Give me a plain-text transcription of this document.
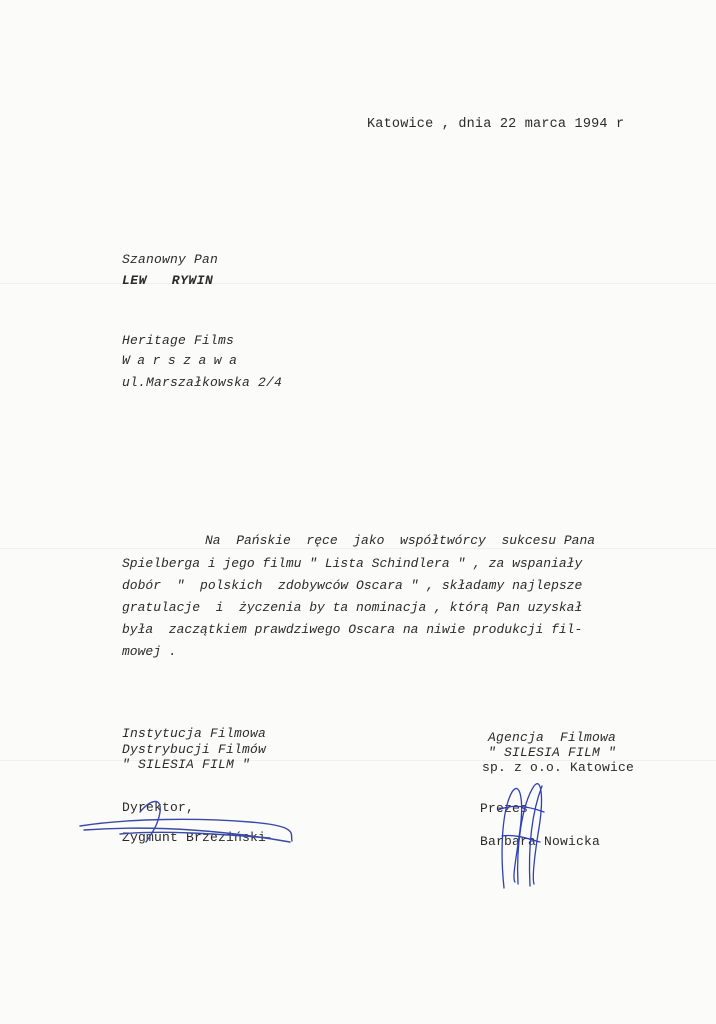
Katowice , dnia 22 marca 1994 r
Szanowny Pan
LEW   RYWIN
Heritage Films
Warszawa
ul.Marszałkowska 2/4
Na  Pańskie  ręce  jako  współtwórcy  sukcesu Pana
Spielberga i jego filmu " Lista Schindlera " , za wspaniały
dobór  "  polskich  zdobywców Oscara " , składamy najlepsze
gratulacje  i  życzenia by ta nominacja , którą Pan uzyskał
była  zaczątkiem prawdziwego Oscara na niwie produkcji fil-
mowej .
Instytucja Filmowa
Dystrybucji Filmów
" SILESIA FILM "
Dyrektor,
Zygmunt Brzeziński
Agencja  Filmowa
" SILESIA FILM "
sp. z o.o. Katowice
Prezes
Barbara Nowicka
